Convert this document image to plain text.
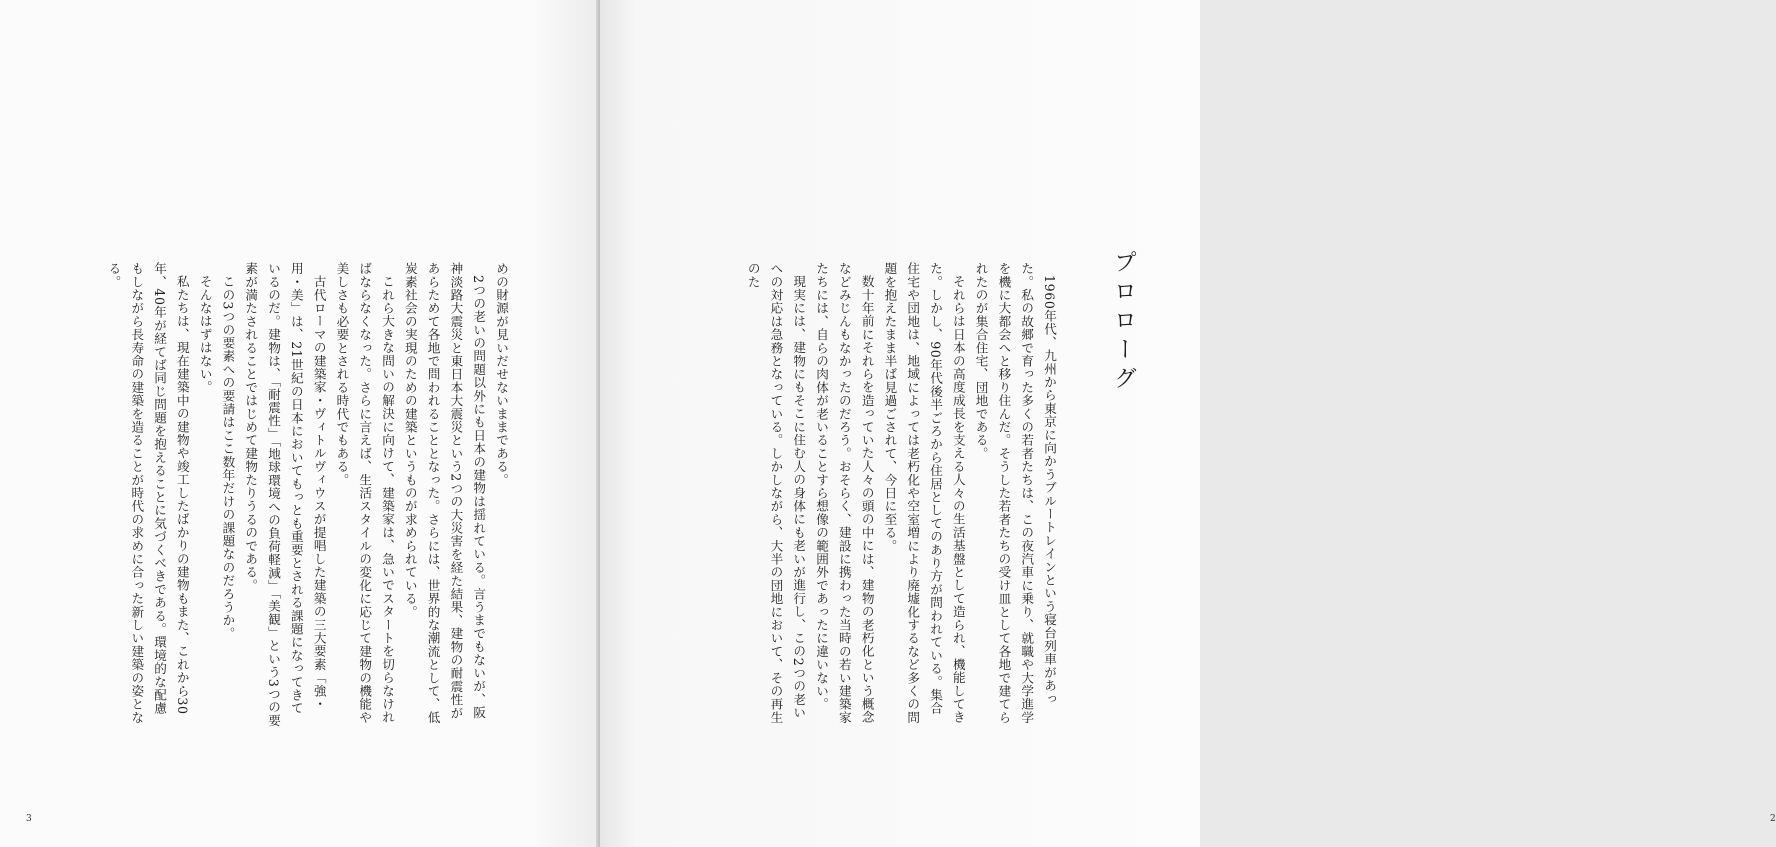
めの財源が見いだせないままである。

2つの老いの問題以外にも日本の建物は揺れている。言うまでもないが、阪神淡路大震災と東日本大震災という2つの大災害を経た結果、建物の耐震性があらためて各地で問われることとなった。さらには、世界的な潮流として、低炭素社会の実現のための建築というものが求められている。

これら大きな問いの解決に向けて、建築家は、急いでスタートを切らなければならなくなった。さらに言えば、生活スタイルの変化に応じて建物の機能や美しさも必要とされる時代でもある。

古代ローマの建築家・ヴィトルヴィウスが提唱した建築の三大要素「強・用・美」は、21世紀の日本においてもっとも重要とされる課題になってきているのだ。建物は、「耐震性」「地球環境への負荷軽減」「美観」という3つの要素が満たされることではじめて建物たりうるのである。

この3つの要素への要請はここ数年だけの課題なのだろうか。

そんなはずはない。

私たちは、現在建築中の建物や竣工したばかりの建物もまた、これから30年、40年が経てば同じ問題を抱えることに気づくべきである。環境的な配慮もしながら長寿命の建築を造ることが時代の求めに合った新しい建築の姿となる。

3

1960年代、九州から東京に向かうブルートレインという寝台列車があった。私の故郷で育った多くの若者たちは、この夜汽車に乗り、就職や大学進学を機に大都会へと移り住んだ。そうした若者たちの受け皿として各地で建てられたのが集合住宅、団地である。

それらは日本の高度成長を支える人々の生活基盤として造られ、機能してきた。しかし、90年代後半ごろから住居としてのあり方が問われている。集合住宅や団地は、地域によっては老朽化や空室増により廃墟化するなど多くの問題を抱えたまま半ば見過ごされて、今日に至る。

数十年前にそれらを造っていた人々の頭の中には、建物の老朽化という概念などみじんもなかったのだろう。おそらく、建設に携わった当時の若い建築家たちには、自らの肉体が老いることすら想像の範囲外であったに違いない。

現実には、建物にもそこに住む人の身体にも老いが進行し、この2つの老いへの対応は急務となっている。しかしながら、大半の団地において、その再生のた

2
プロローグ
